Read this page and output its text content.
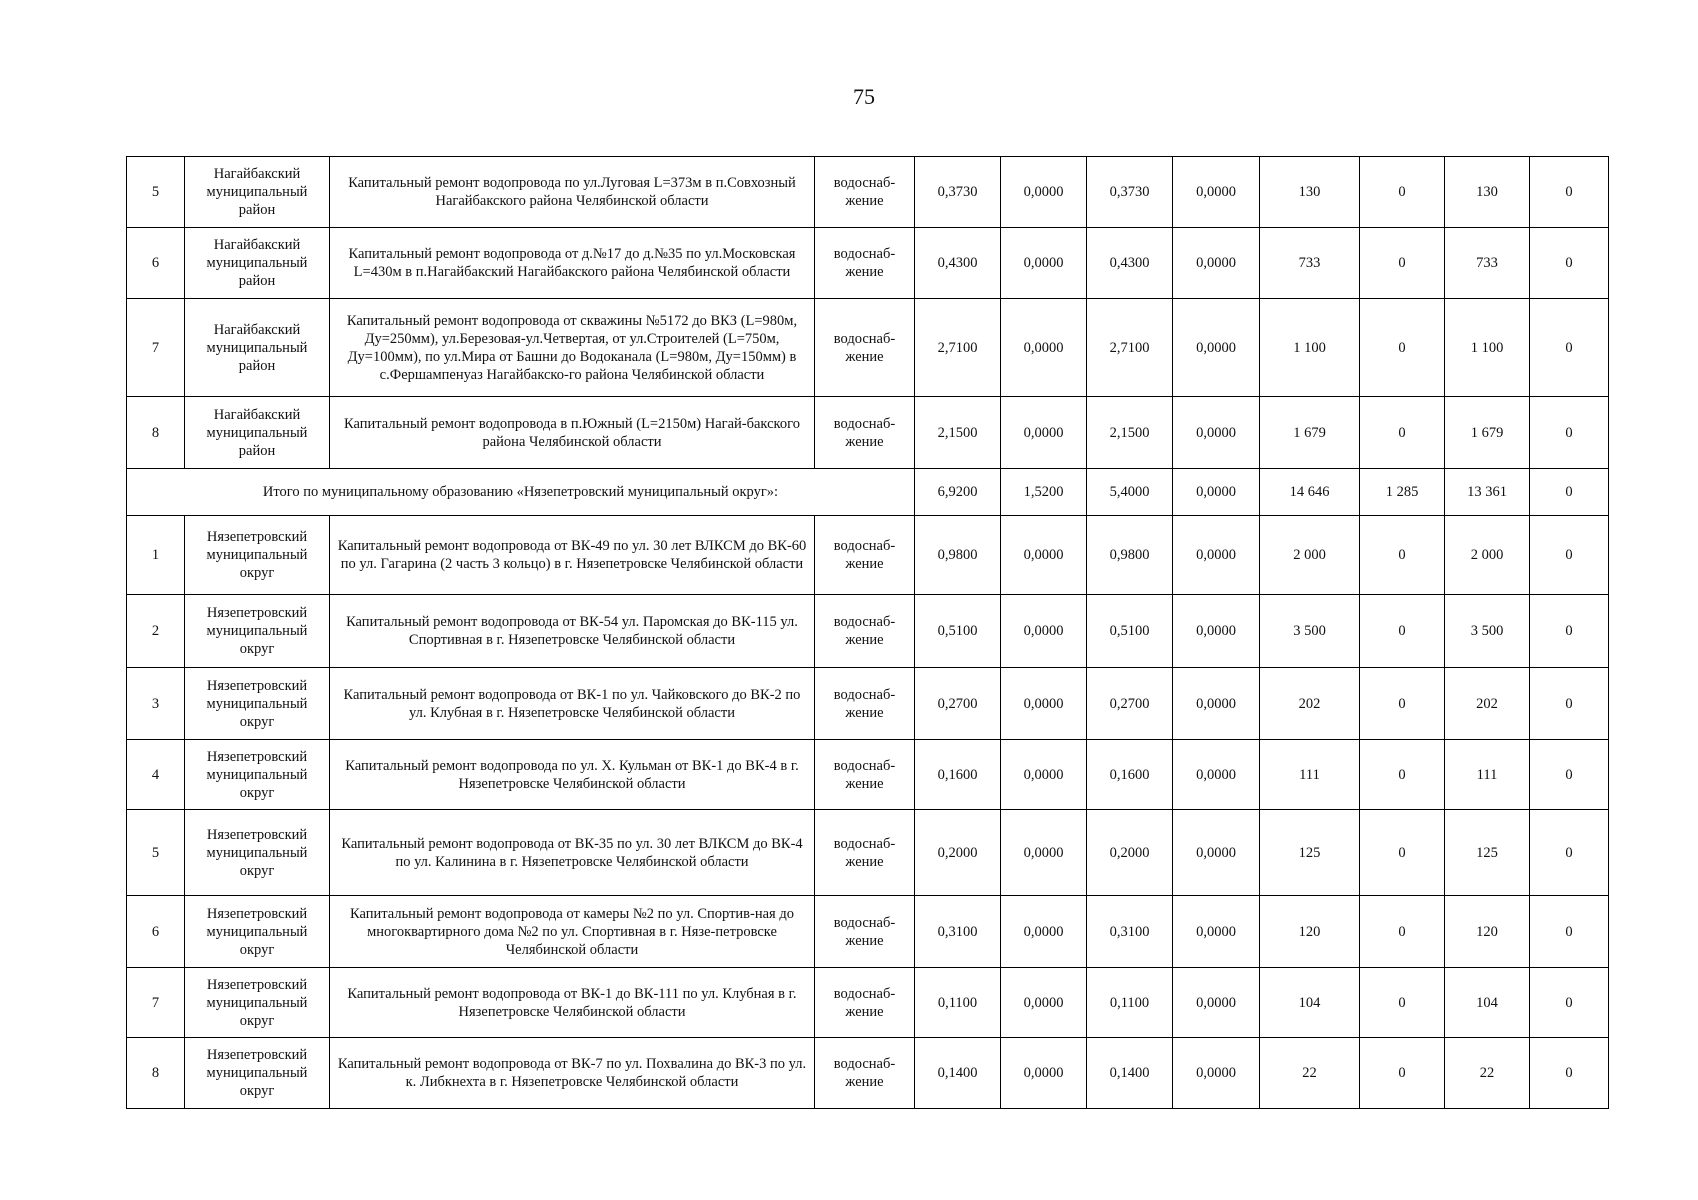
75
5	Нагайбакский муниципальный район	Капитальный ремонт водопровода по ул.Луговая L=373м в п.Совхозный Нагайбакского района Челябинской области	водоснаб-жение	0,3730	0,0000	0,3730	0,0000	130	0	130	0
6	Нагайбакский муниципальный район	Капитальный ремонт водопровода от д.№17 до д.№35 по ул.Московская L=430м в п.Нагайбакский Нагайбакского района Челябинской области	водоснаб-жение	0,4300	0,0000	0,4300	0,0000	733	0	733	0
7	Нагайбакский муниципальный район	Капитальный ремонт водопровода от скважины №5172 до ВКЗ (L=980м, Ду=250мм), ул.Березовая-ул.Четвертая, от ул.Строителей (L=750м, Ду=100мм), по ул.Мира от Башни до Водоканала (L=980м, Ду=150мм) в с.Фершампенуаз Нагайбакско-го района Челябинской области	водоснаб-жение	2,7100	0,0000	2,7100	0,0000	1 100	0	1 100	0
8	Нагайбакский муниципальный район	Капитальный ремонт водопровода в п.Южный (L=2150м) Нагай-бакского района Челябинской области	водоснаб-жение	2,1500	0,0000	2,1500	0,0000	1 679	0	1 679	0
Итого по муниципальному образованию «Нязепетровский муниципальный округ»:				6,9200	1,5200	5,4000	0,0000	14 646	1 285	13 361	0
1	Нязепетровский муниципальный округ	Капитальный ремонт водопровода от ВК-49 по ул. 30 лет ВЛКСМ до ВК-60 по ул. Гагарина (2 часть 3 кольцо) в г. Нязепетровске Челябинской области	водоснаб-жение	0,9800	0,0000	0,9800	0,0000	2 000	0	2 000	0
2	Нязепетровский муниципальный округ	Капитальный ремонт водопровода от ВК-54 ул. Паромская до ВК-115 ул. Спортивная в г. Нязепетровске Челябинской области	водоснаб-жение	0,5100	0,0000	0,5100	0,0000	3 500	0	3 500	0
3	Нязепетровский муниципальный округ	Капитальный ремонт водопровода от ВК-1 по ул. Чайковского до ВК-2 по ул. Клубная в г. Нязепетровске Челябинской области	водоснаб-жение	0,2700	0,0000	0,2700	0,0000	202	0	202	0
4	Нязепетровский муниципальный округ	Капитальный ремонт водопровода по ул. Х. Кульман от ВК-1 до ВК-4 в г. Нязепетровске Челябинской области	водоснаб-жение	0,1600	0,0000	0,1600	0,0000	111	0	111	0
5	Нязепетровский муниципальный округ	Капитальный ремонт водопровода от ВК-35 по ул. 30 лет ВЛКСМ до ВК-4 по ул. Калинина в г. Нязепетровске Челябинской области	водоснаб-жение	0,2000	0,0000	0,2000	0,0000	125	0	125	0
6	Нязепетровский муниципальный округ	Капитальный ремонт водопровода от камеры №2 по ул. Спортив-ная до многоквартирного дома №2 по ул. Спортивная в г. Нязе-петровске Челябинской области	водоснаб-жение	0,3100	0,0000	0,3100	0,0000	120	0	120	0
7	Нязепетровский муниципальный округ	Капитальный ремонт водопровода от ВК-1 до ВК-111 по ул. Клубная в г. Нязепетровске Челябинской области	водоснаб-жение	0,1100	0,0000	0,1100	0,0000	104	0	104	0
8	Нязепетровский муниципальный округ	Капитальный ремонт водопровода от ВК-7 по ул. Похвалина до ВК-3 по ул. к. Либкнехта в г. Нязепетровске Челябинской области	водоснаб-жение	0,1400	0,0000	0,1400	0,0000	22	0	22	0
